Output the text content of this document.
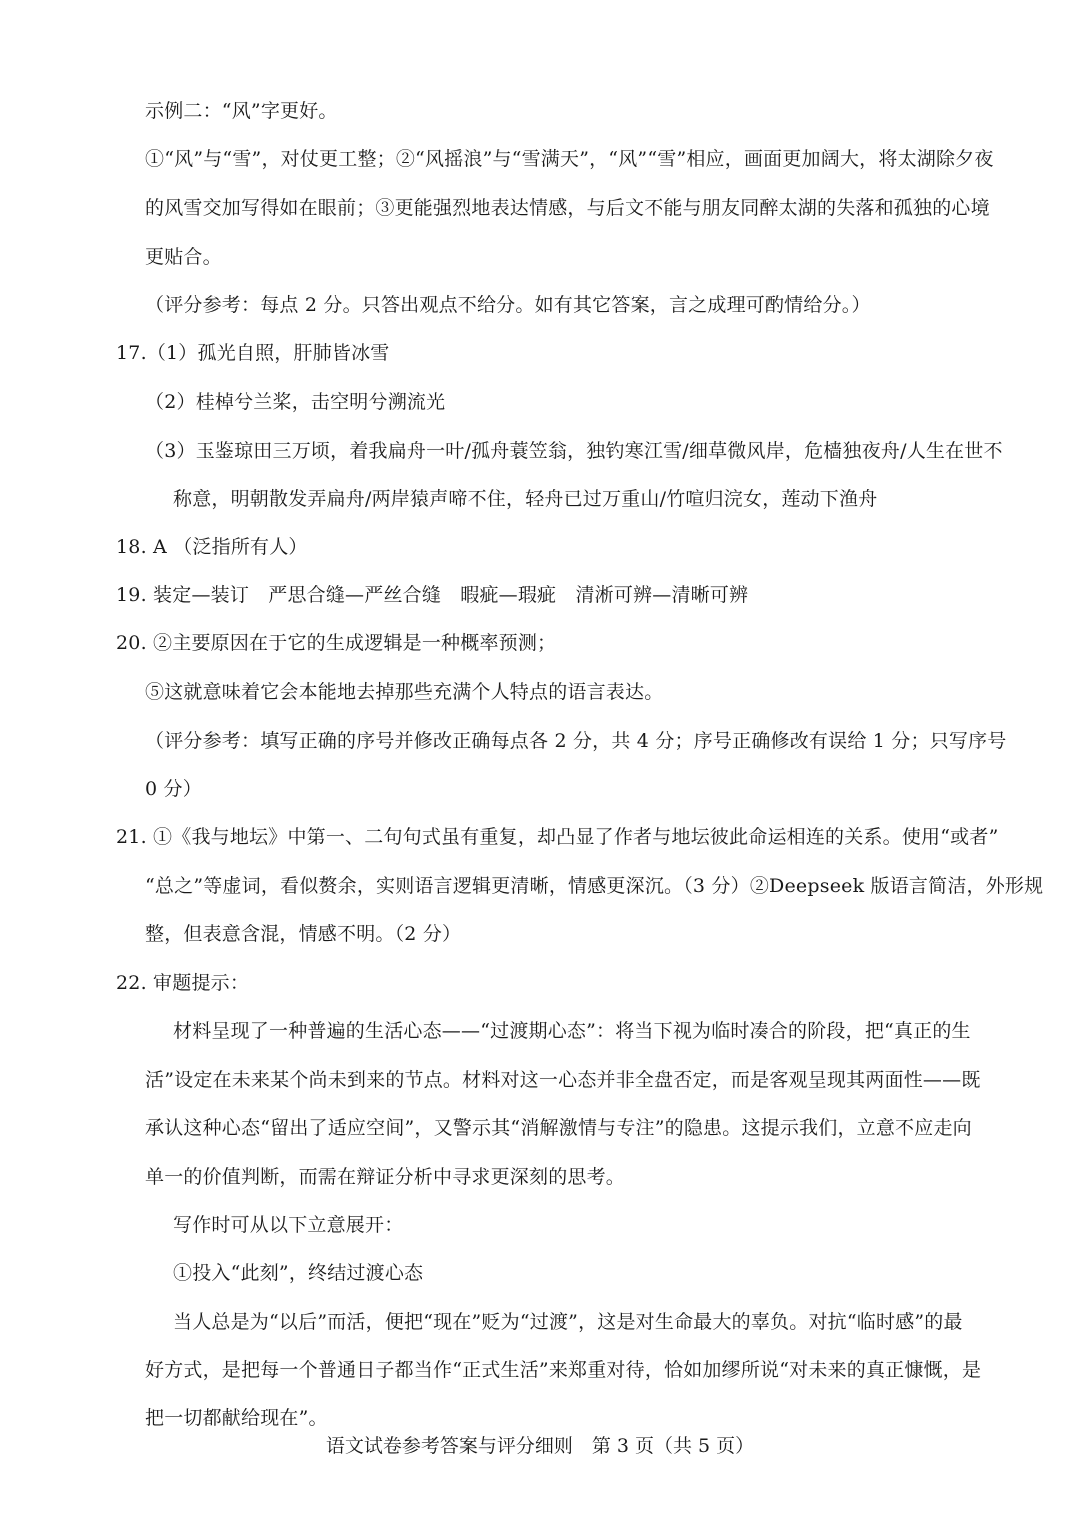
示例二：“风”字更好。
①“风”与“雪”，对仗更工整；②“风摇浪”与“雪满天”，“风”“雪”相应，画面更加阔大，将太湖除夕夜
的风雪交加写得如在眼前；③更能强烈地表达情感，与后文不能与朋友同醉太湖的失落和孤独的心境
更贴合。
（评分参考：每点 2 分。只答出观点不给分。如有其它答案，言之成理可酌情给分。）
17.（1）孤光自照，肝肺皆冰雪
（2）桂棹兮兰桨，击空明兮溯流光
（3）玉鉴琼田三万顷，着我扁舟一叶/孤舟蓑笠翁，独钓寒江雪/细草微风岸，危樯独夜舟/人生在世不
称意，明朝散发弄扁舟/两岸猿声啼不住，轻舟已过万重山/竹喧归浣女，莲动下渔舟
18. A （泛指所有人）
19. 装定—装订　严思合缝—严丝合缝　暇疵—瑕疵　清淅可辨—清晰可辨
20. ②主要原因在于它的生成逻辑是一种概率预测；
⑤这就意味着它会本能地去掉那些充满个人特点的语言表达。
（评分参考：填写正确的序号并修改正确每点各 2 分，共 4 分；序号正确修改有误给 1 分；只写序号
0 分）
21. ①《我与地坛》中第一、二句句式虽有重复，却凸显了作者与地坛彼此命运相连的关系。使用“或者”
“总之”等虚词，看似赘余，实则语言逻辑更清晰，情感更深沉。（3 分）②Deepseek 版语言简洁，外形规
整，但表意含混，情感不明。（2 分）
22. 审题提示：
材料呈现了一种普遍的生活心态——“过渡期心态”：将当下视为临时凑合的阶段，把“真正的生
活”设定在未来某个尚未到来的节点。材料对这一心态并非全盘否定，而是客观呈现其两面性——既
承认这种心态“留出了适应空间”，又警示其“消解激情与专注”的隐患。这提示我们，立意不应走向
单一的价值判断，而需在辩证分析中寻求更深刻的思考。
写作时可从以下立意展开：
①投入“此刻”，终结过渡心态
当人总是为“以后”而活，便把“现在”贬为“过渡”，这是对生命最大的辜负。对抗“临时感”的最
好方式，是把每一个普通日子都当作“正式生活”来郑重对待，恰如加缪所说“对未来的真正慷慨，是
把一切都献给现在”。
语文试卷参考答案与评分细则　第 3 页（共 5 页）
